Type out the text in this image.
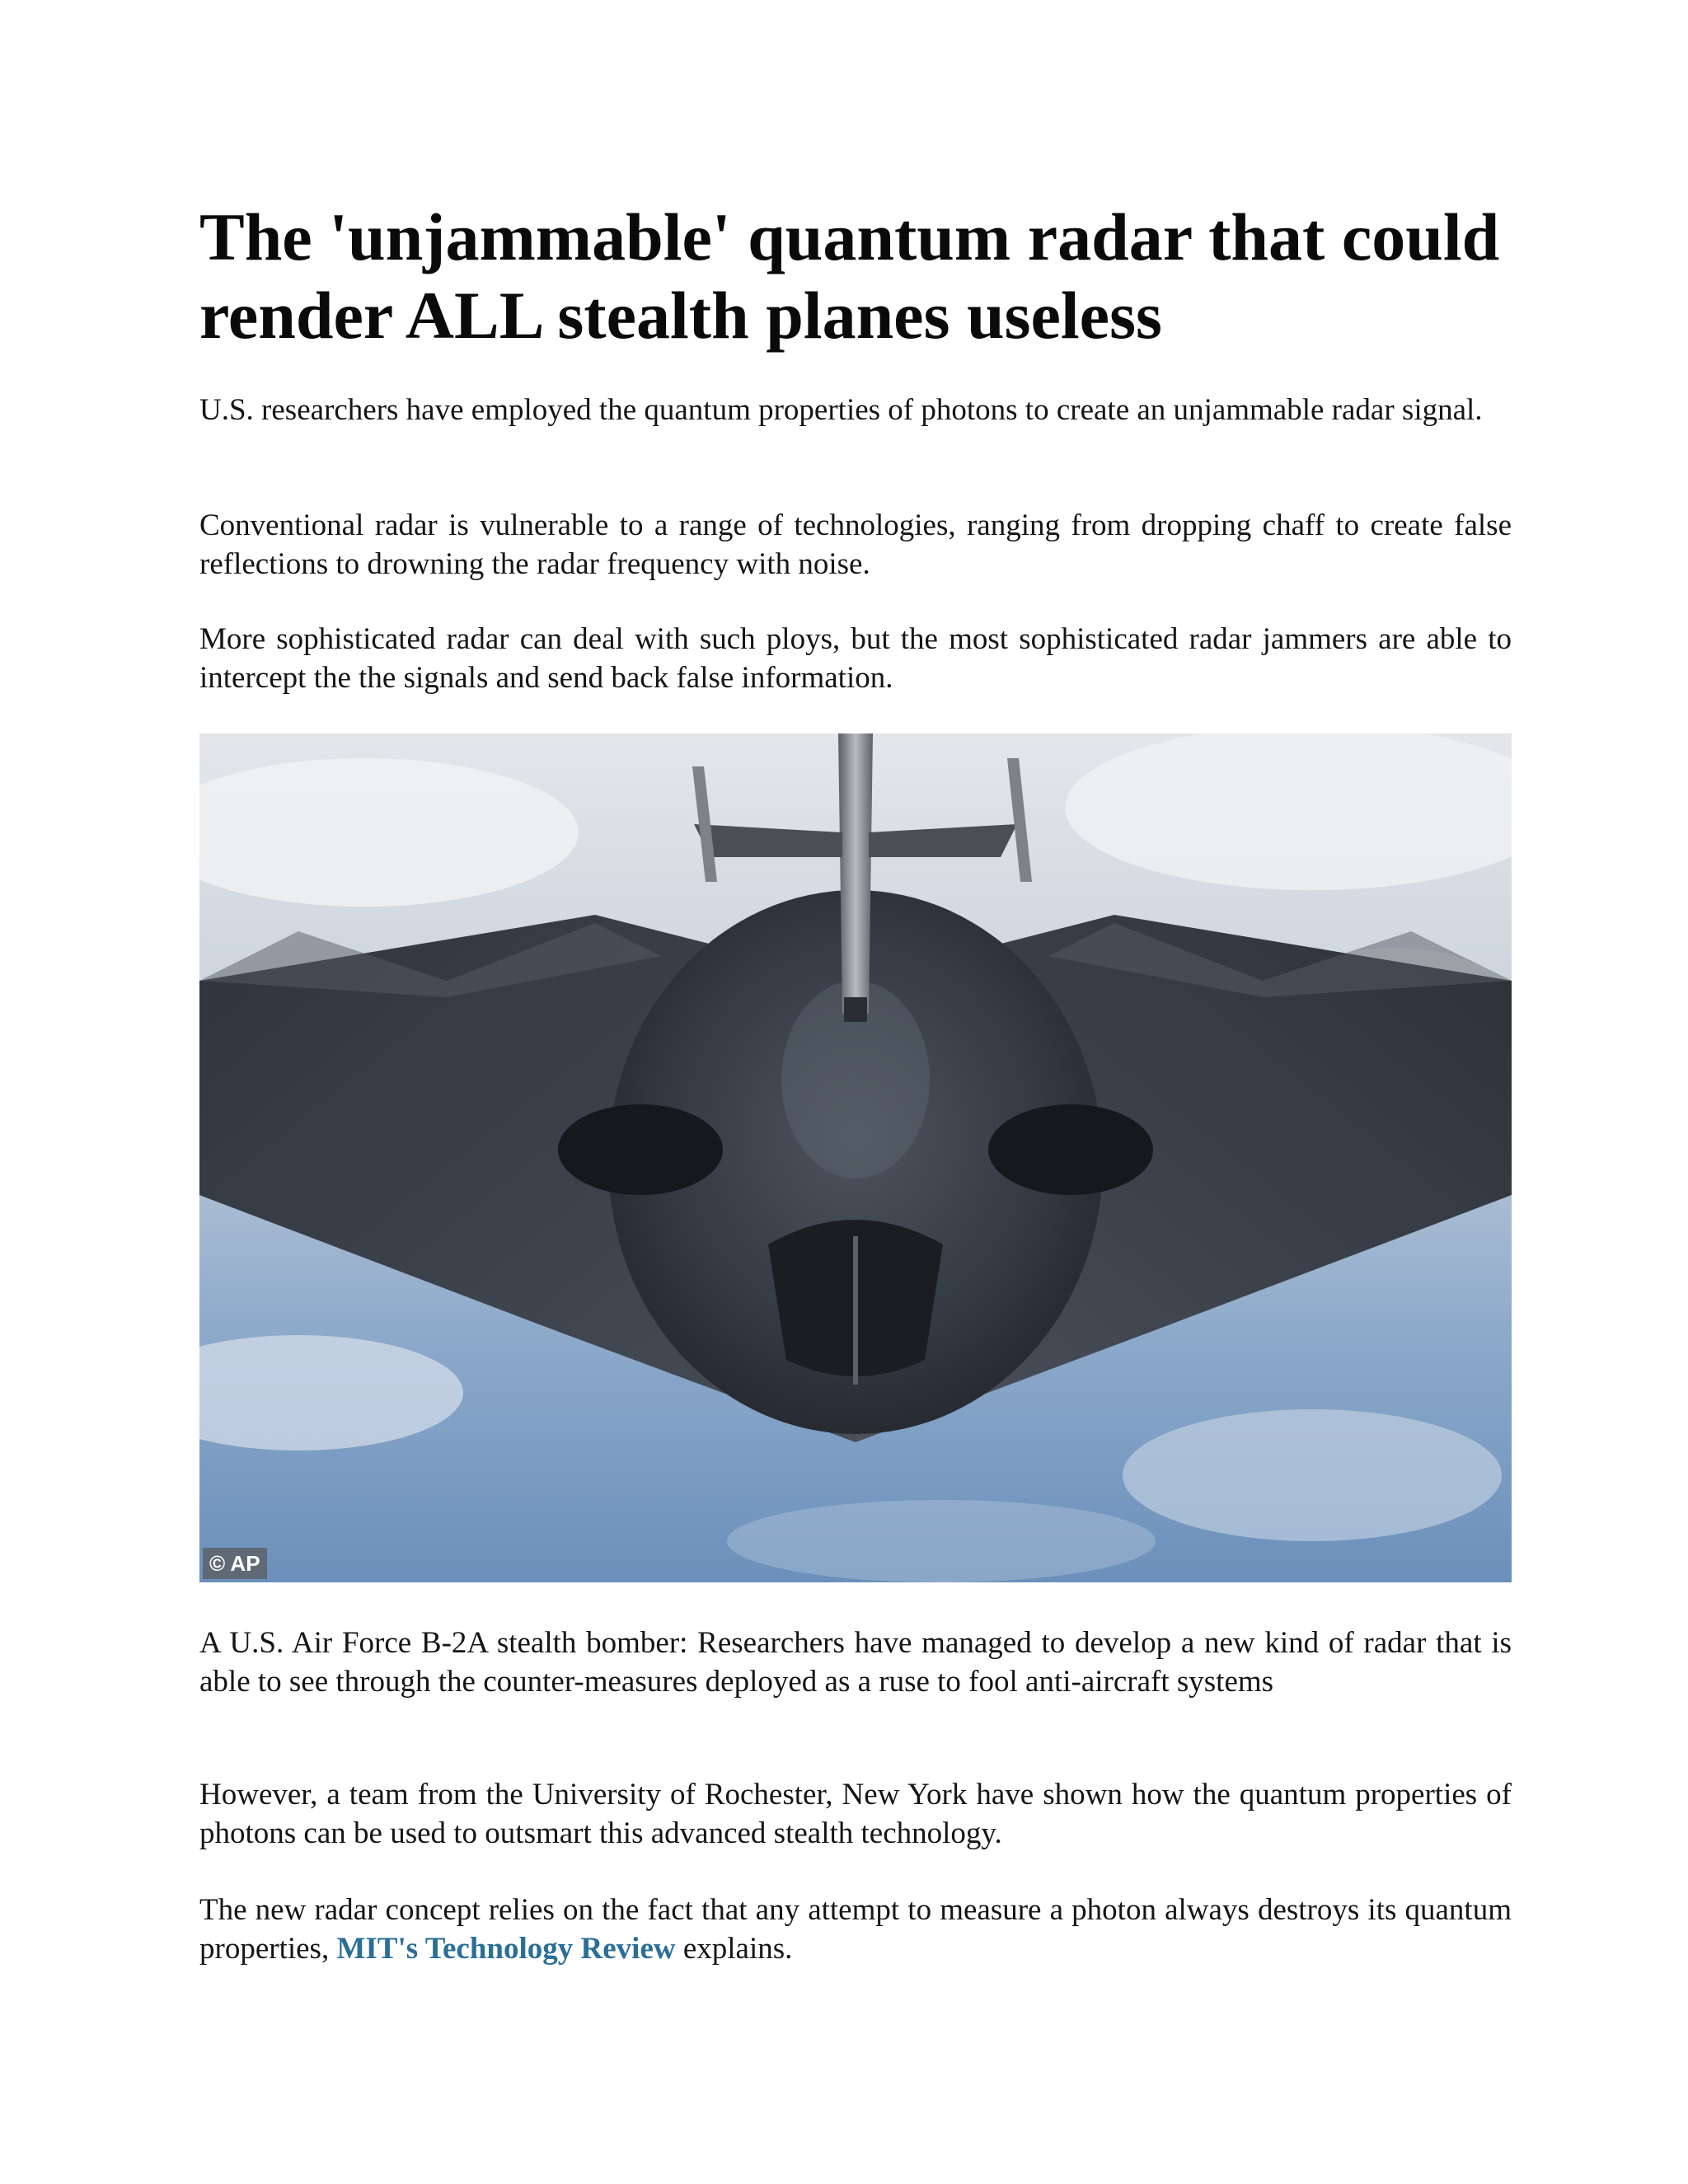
The 'unjammable' quantum radar that could render ALL stealth planes useless

U.S. researchers have employed the quantum properties of photons to create an unjammable radar signal.

Conventional radar is vulnerable to a range of technologies, ranging from dropping chaff to create false reflections to drowning the radar frequency with noise.

More sophisticated radar can deal with such ploys, but the most sophisticated radar jammers are able to intercept the the signals and send back false information.

© AP

A U.S. Air Force B-2A stealth bomber: Researchers have managed to develop a new kind of radar that is able to see through the counter-measures deployed as a ruse to fool anti-aircraft systems

However, a team from the University of Rochester, New York have shown how the quantum properties of photons can be used to outsmart this advanced stealth technology.

The new radar concept relies on the fact that any attempt to measure a photon always destroys its quantum properties, MIT's Technology Review explains.
